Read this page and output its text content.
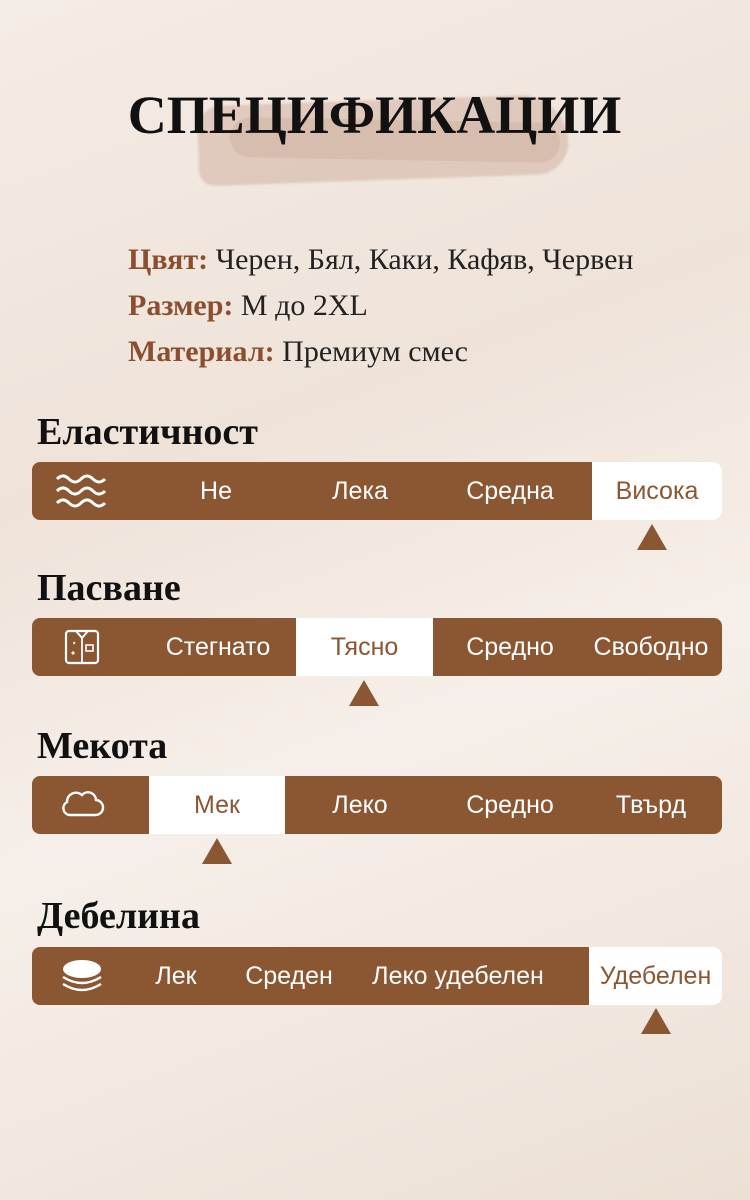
СПЕЦИФИКАЦИИ
Цвят: Черен, Бял, Каки, Кафяв, Червен
Размер: M до 2XL
Материал: Премиум смес
Еластичност
Не	Лека	Средна	Висока
Пасване
Стегнато	Тясно	Средно	Свободно
Мекота
Мек	Леко	Средно	Твърд
Дебелина
Лек	Среден	Леко удебелен	Удебелен
